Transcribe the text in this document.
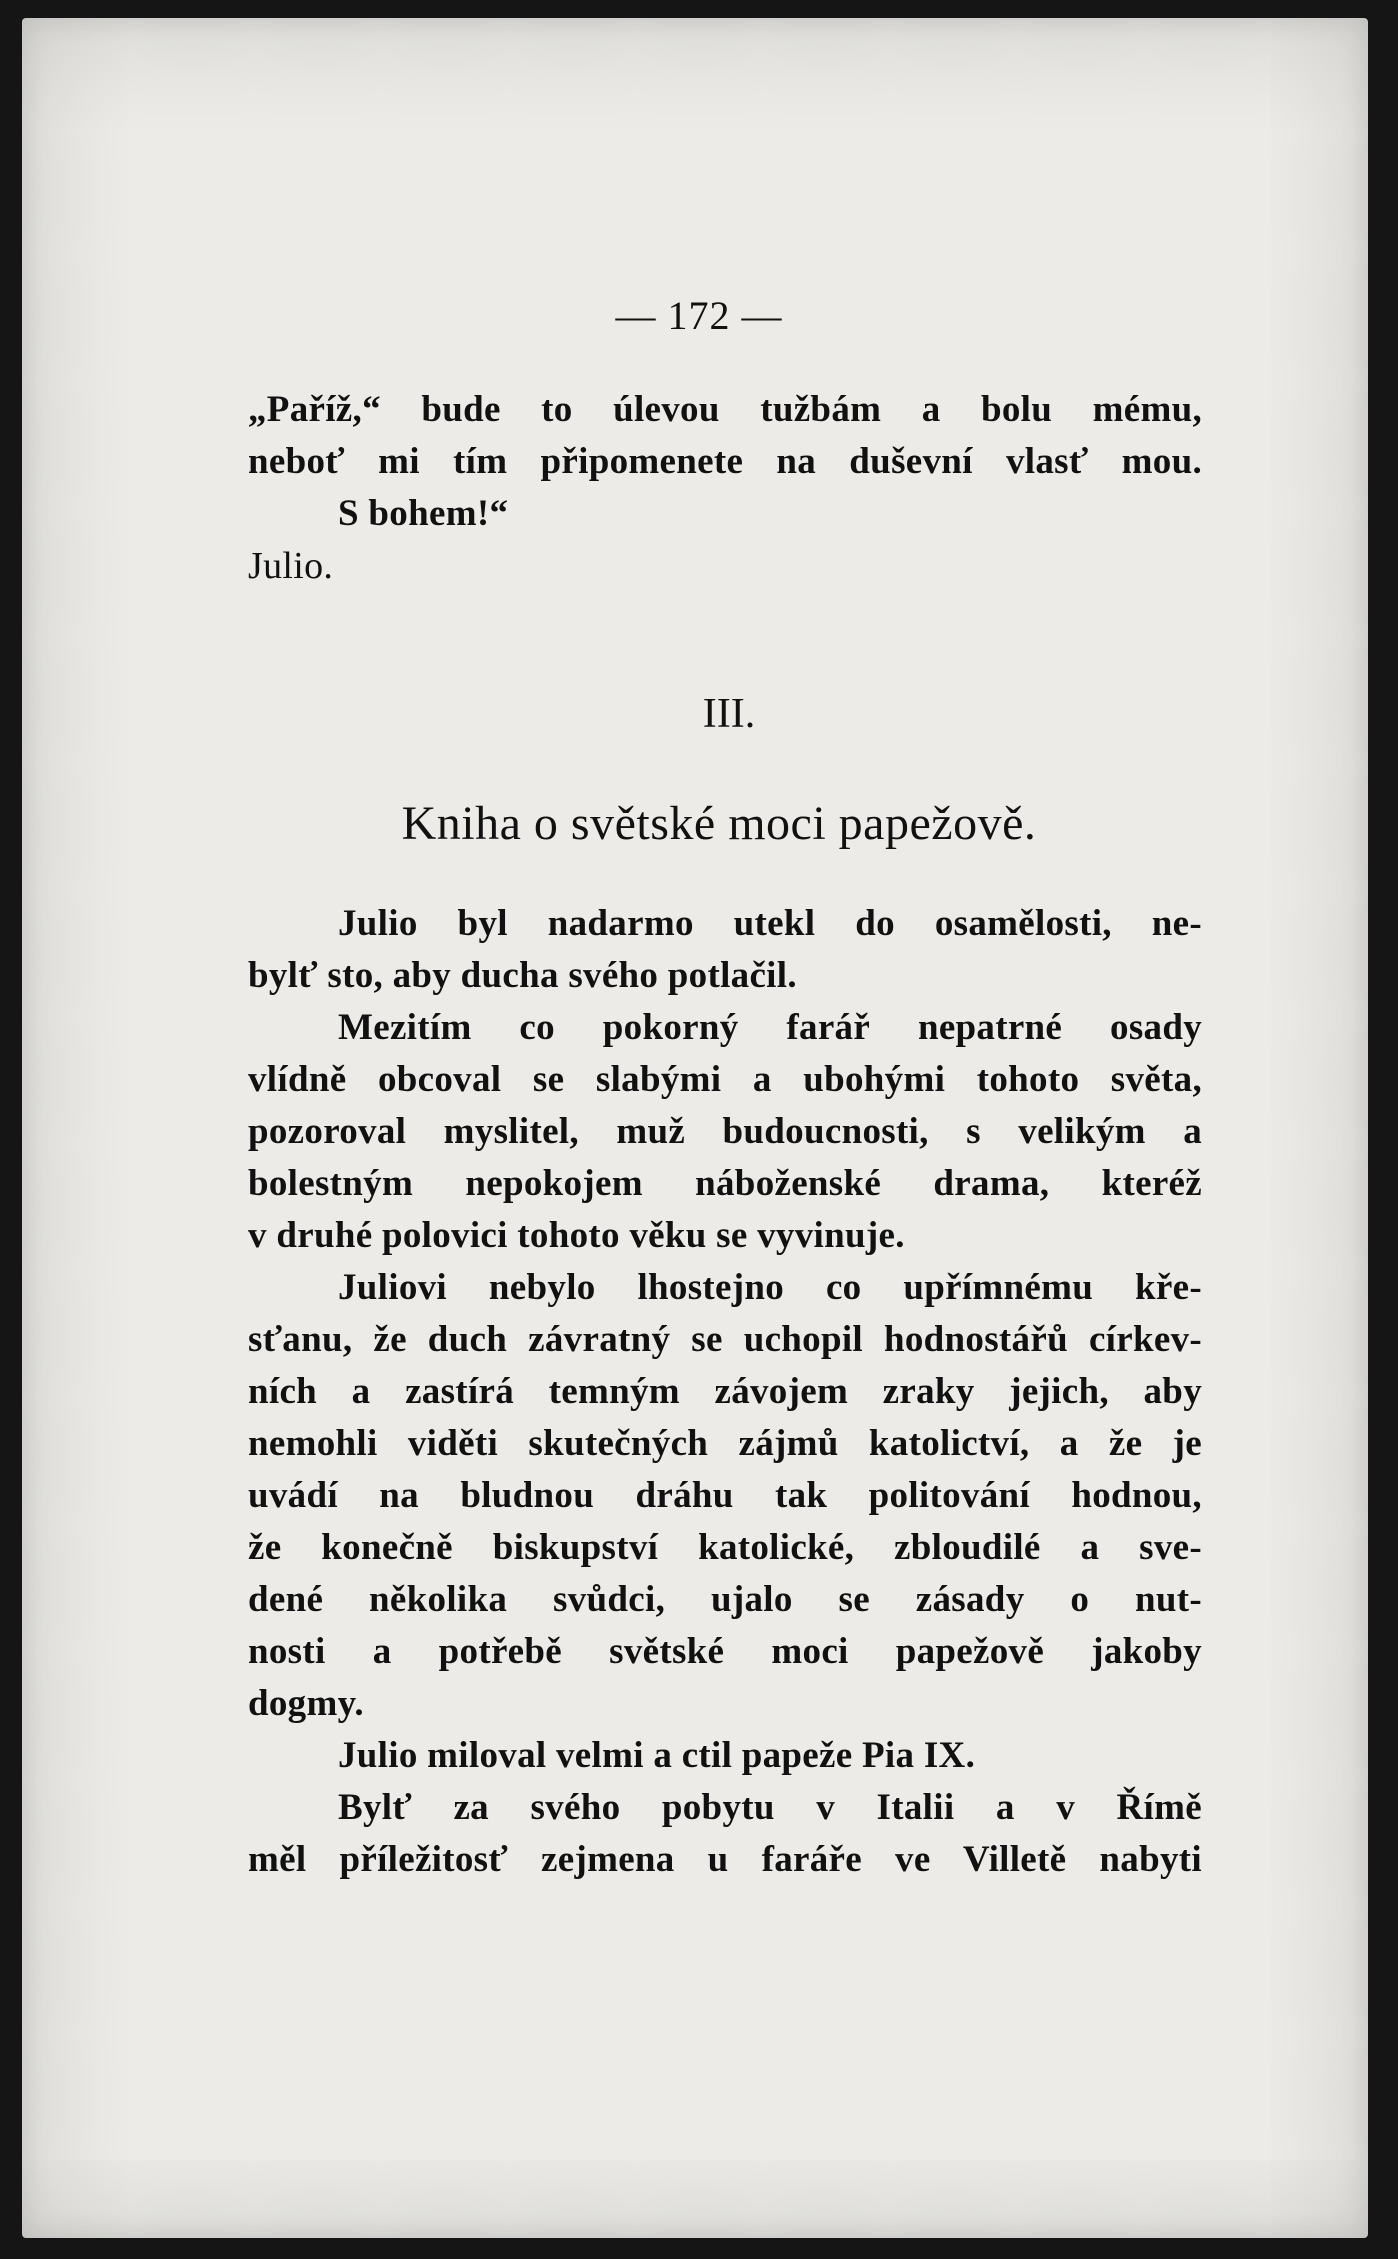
— 172 —
„Paříž,“ bude to úlevou tužbám a bolu mému,
neboť mi tím připomenete na duševní vlasť mou.
S bohem!“
Julio.
III.
Kniha o světské moci papežově.
Julio byl nadarmo utekl do osamělosti, ne-
bylť sto, aby ducha svého potlačil.
Mezitím co pokorný farář nepatrné osady
vlídně obcoval se slabými a ubohými tohoto světa,
pozoroval myslitel, muž budoucnosti, s velikým a
bolestným nepokojem náboženské drama, kteréž
v druhé polovici tohoto věku se vyvinuje.
Juliovi nebylo lhostejno co upřímnému kře-
sťanu, že duch závratný se uchopil hodnostářů církev-
ních a zastírá temným závojem zraky jejich, aby
nemohli viděti skutečných zájmů katolictví, a že je
uvádí na bludnou dráhu tak politování hodnou,
že konečně biskupství katolické, zbloudilé a sve-
dené několika svůdci, ujalo se zásady o nut-
nosti a potřebě světské moci papežově jakoby
dogmy.
Julio miloval velmi a ctil papeže Pia IX.
Bylť za svého pobytu v Italii a v Římě
měl příležitosť zejmena u faráře ve Villetě nabyti
